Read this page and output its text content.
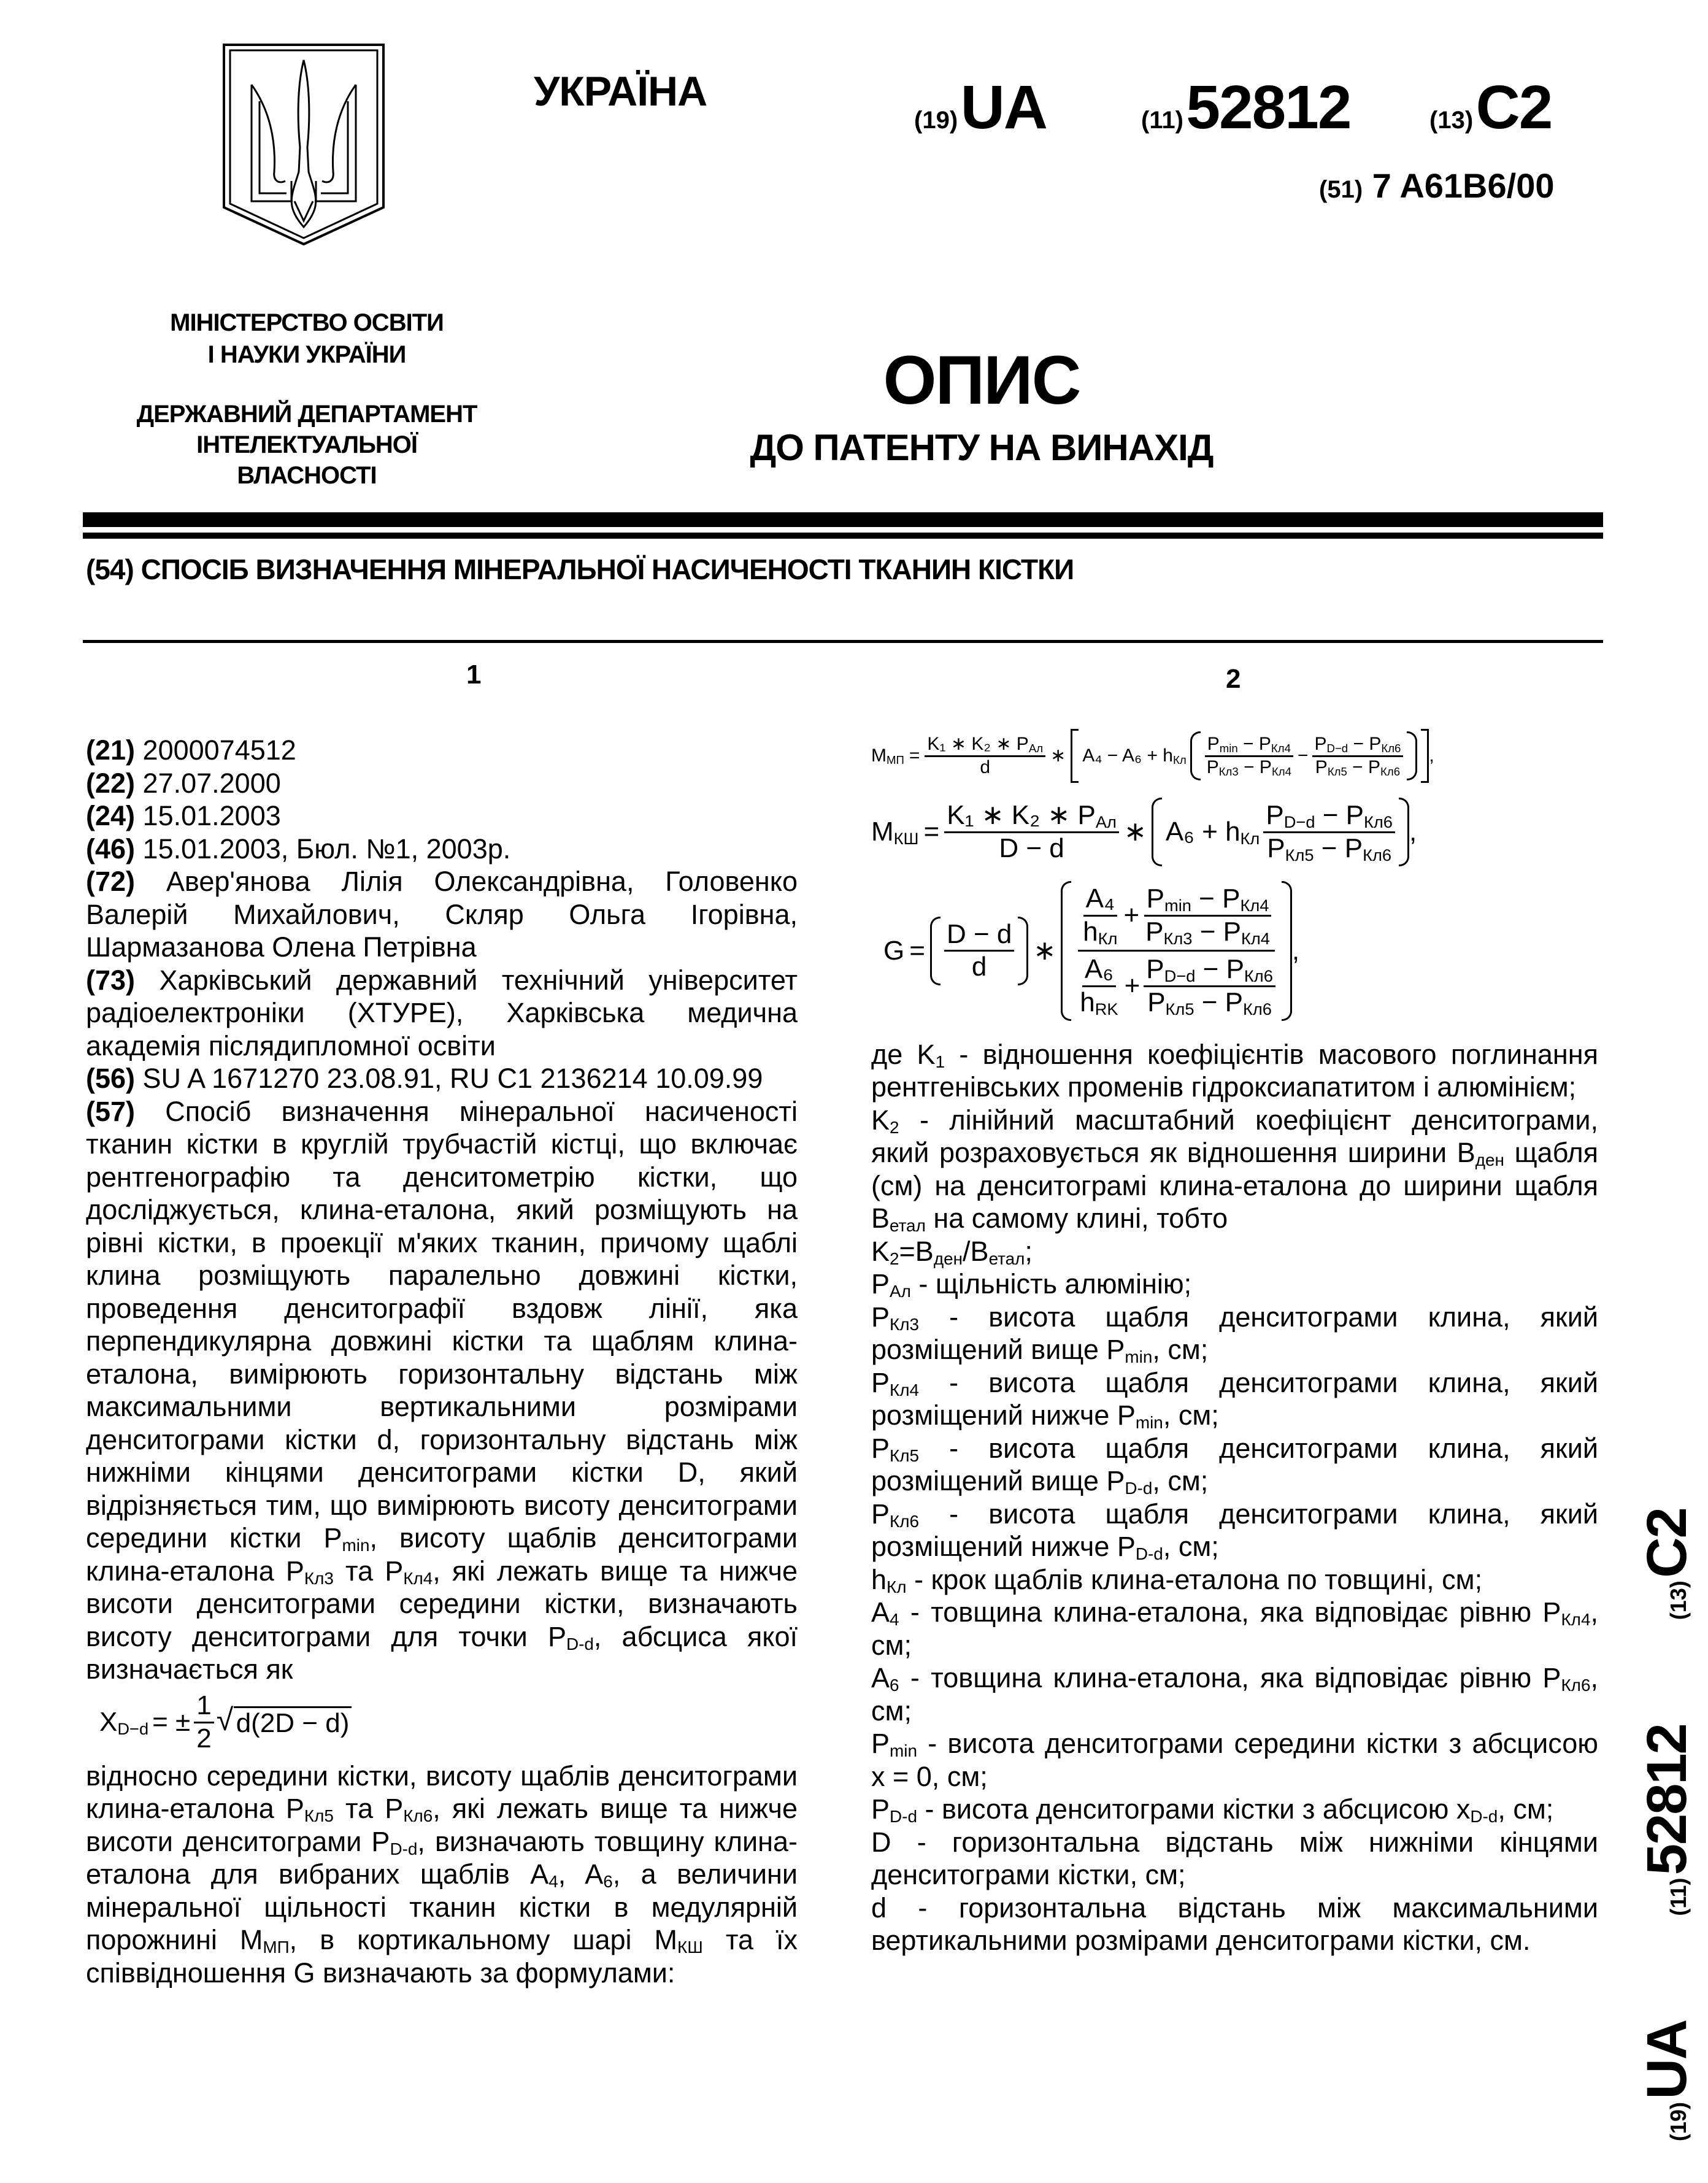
МІНІСТЕРСТВО ОСВІТИ
І НАУКИ УКРАЇНИ
ДЕРЖАВНИЙ ДЕПАРТАМЕНТ
ІНТЕЛЕКТУАЛЬНОЇ
ВЛАСНОСТІ
УКРАЇНА
(19) UA	(11) 52812	(13) C2
(51) 7 A61B6/00
ОПИС
ДО ПАТЕНТУ НА ВИНАХІД
(54) СПОСІБ ВИЗНАЧЕННЯ МІНЕРАЛЬНОЇ НАСИЧЕНОСТІ ТКАНИН КІСТКИ
1	2

(21) 2000074512

(22) 27.07.2000

(24) 15.01.2003

(46) 15.01.2003, Бюл. №1, 2003р.

(72) Авер'янова Лілія Олександрівна, Головенко Валерій Михайлович, Скляр Ольга Ігорівна, Шармазанова Олена Петрівна

(73) Харківський державний технічний університет радіоелектроніки (ХТУРЕ), Харківська медична академія післядипломної освіти

(56) SU A 1671270 23.08.91, RU C1 2136214 10.09.99

(57) Спосіб визначення мінеральної насиченості тканин кістки в круглій трубчастій кістці, що включає рентгенографію та денситометрію кістки, що досліджується, клина-еталона, який розміщують на рівні кістки, в проекції м'яких тканин, причому щаблі клина розміщують паралельно довжині кістки, проведення денситографії вздовж лінії, яка перпендикулярна довжині кістки та щаблям клина-еталона, вимірюють горизонтальну відстань між максимальними вертикальними розмірами денситограми кістки d, горизонтальну відстань між нижніми кінцями денситограми кістки D, який відрізняється тим, що вимірюють висоту денситограми середини кістки $P_{min}$, висоту щаблів денситограми клина-еталона $P_{Кл3}$ та $P_{Кл4}$, які лежать вище та нижче висоти денситограми середини кістки, визначають висоту денситограми для точки $P_{D-d}$, абсциса якої визначається як

$X_{D-d}$ = ± $\frac{1}{2}$ √ d(2D − d)

відносно середини кістки, висоту щаблів денситограми клина-еталона $P_{Кл5}$ та $P_{Кл6}$, які лежать вище та нижче висоти денситограми $P_{D-d}$, визначають товщину клина-еталона для вибраних щаблів $A_4$, $A_6$, а величини мінеральної щільності тканин кістки в медулярній порожнині $M_{МП}$, в кортикальному шарі $M_{КШ}$ та їх співвідношення G визначають за формулами:

$M_{МП} = \frac{K_1 ∗ K_2 ∗ P_{Ал}}{d}$ ∗ $A_4 - A_6 + h_{Кл} \frac{P_{min} - P_{Кл4}}{P_{Кл3} - P_{Кл4}} - \frac{P_{D-d} - P_{Кл6}}{P_{Кл5} - P_{Кл6}}$ ,
$M_{КШ} = \frac{K_1 ∗ K_2 ∗ P_{Ал}}{D - d}$ ∗ $A_6 + h_{Кл} \frac{P_{D-d} - P_{Кл6}}{P_{Кл5} - P_{Кл6}}$ ,
$G = \frac{D - d}{d}$ ∗
$\frac{\text{A₄}}{h_{Кл}} + \frac{P_{min} - P_{Кл4}}{P_{Кл3} - P_{Кл4}}$
$\frac{\text{A₆}}{h_{RK}} + \frac{P_{D-d} - P_{Кл6}}{P_{Кл5} - P_{Кл6}}$
,

де $K_1$ - відношення коефіцієнтів масового поглинання рентгенівських променів гідроксиапатитом і алюмінієм;

$K_2$ - лінійний масштабний коефіцієнт денситограми, який розраховується як відношення ширини $B_{ден}$ щабля (см) на денситограмі клина-еталона до ширини щабля $B_{етал}$ на самому клині, тобто

$K_2=B_{ден}/B_{етал}$;

$P_{Ал}$ - щільність алюмінію;

$P_{Кл3}$ - висота щабля денситограми клина, який розміщений вище $P_{min}$, см;

$P_{Кл4}$ - висота щабля денситограми клина, який розміщений нижче $P_{min}$, см;

$P_{Кл5}$ - висота щабля денситограми клина, який розміщений вище $P_{D-d}$, см;

$P_{Кл6}$ - висота щабля денситограми клина, який розміщений нижче $P_{D-d}$, см;

$h_{Кл}$ - крок щаблів клина-еталона по товщині, см;

$A_4$ - товщина клина-еталона, яка відповідає рівню $P_{Кл4}$, см;

$A_6$ - товщина клина-еталона, яка відповідає рівню $P_{Кл6}$, см;

$P_{min}$ - висота денситограми середини кістки з абсцисою x = 0, см;

$P_{D-d}$ - висота денситограми кістки з абсцисою $x_{D-d}$, см;

D - горизонтальна відстань між нижніми кінцями денситограми кістки, см;

d - горизонтальна відстань між максимальними вертикальними розмірами денситограми кістки, см.

(19) UA
(11) 52812
(13) C2
